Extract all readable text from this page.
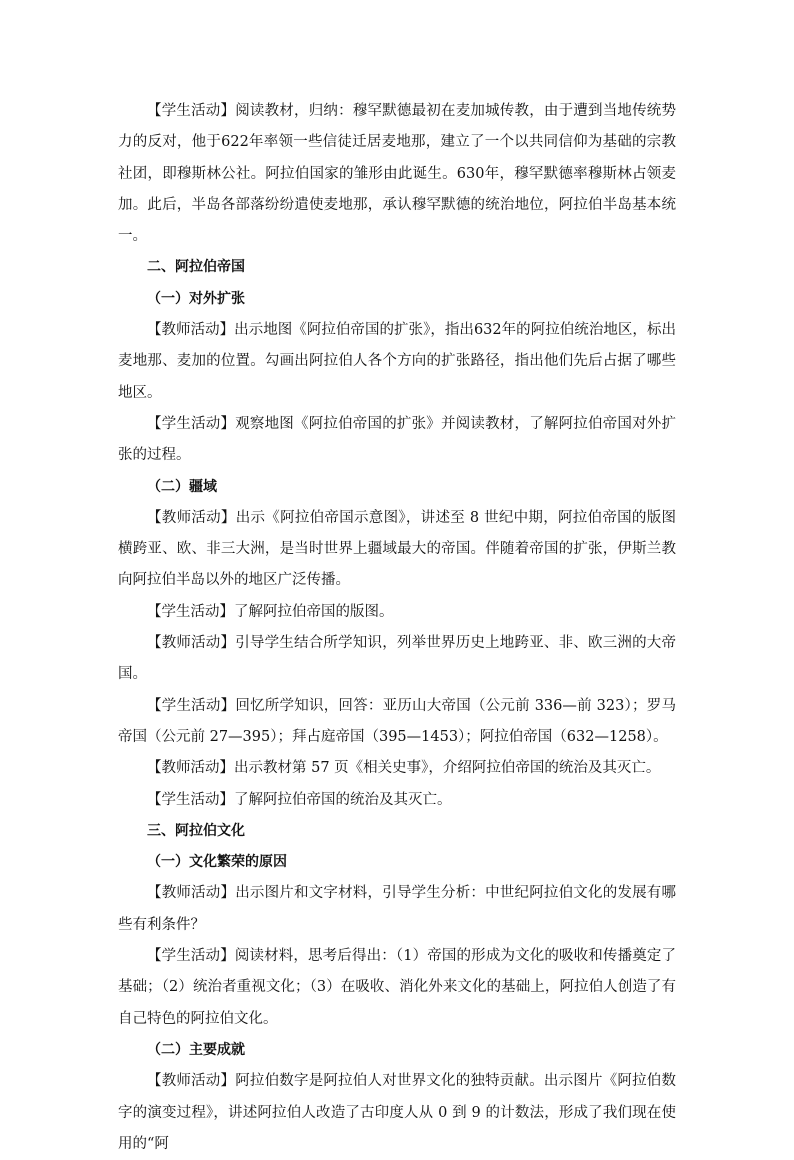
【学生活动】阅读教材，归纳：穆罕默德最初在麦加城传教，由于遭到当地传统势力的反对，他于622年率领一些信徒迁居麦地那，建立了一个以共同信仰为基础的宗教社团，即穆斯林公社。阿拉伯国家的雏形由此诞生。630年，穆罕默德率穆斯林占领麦加。此后，半岛各部落纷纷遣使麦地那，承认穆罕默德的统治地位，阿拉伯半岛基本统一。

二、阿拉伯帝国

（一）对外扩张

【教师活动】出示地图《阿拉伯帝国的扩张》，指出632年的阿拉伯统治地区，标出麦地那、麦加的位置。勾画出阿拉伯人各个方向的扩张路径，指出他们先后占据了哪些地区。

【学生活动】观察地图《阿拉伯帝国的扩张》并阅读教材，了解阿拉伯帝国对外扩张的过程。

（二）疆域

【教师活动】出示《阿拉伯帝国示意图》，讲述至 8 世纪中期，阿拉伯帝国的版图横跨亚、欧、非三大洲，是当时世界上疆域最大的帝国。伴随着帝国的扩张，伊斯兰教向阿拉伯半岛以外的地区广泛传播。

【学生活动】了解阿拉伯帝国的版图。

【教师活动】引导学生结合所学知识，列举世界历史上地跨亚、非、欧三洲的大帝国。

【学生活动】回忆所学知识，回答：亚历山大帝国（公元前 336—前 323）；罗马帝国（公元前 27—395）；拜占庭帝国（395—1453）；阿拉伯帝国（632—1258）。

【教师活动】出示教材第 57 页《相关史事》，介绍阿拉伯帝国的统治及其灭亡。

【学生活动】了解阿拉伯帝国的统治及其灭亡。

三、阿拉伯文化

（一）文化繁荣的原因

【教师活动】出示图片和文字材料，引导学生分析：中世纪阿拉伯文化的发展有哪些有利条件？

【学生活动】阅读材料，思考后得出：（1）帝国的形成为文化的吸收和传播奠定了基础；（2）统治者重视文化；（3）在吸收、消化外来文化的基础上，阿拉伯人创造了有自己特色的阿拉伯文化。

（二）主要成就

【教师活动】阿拉伯数字是阿拉伯人对世界文化的独特贡献。出示图片《阿拉伯数字的演变过程》，讲述阿拉伯人改造了古印度人从 0 到 9 的计数法，形成了我们现在使用的“阿
